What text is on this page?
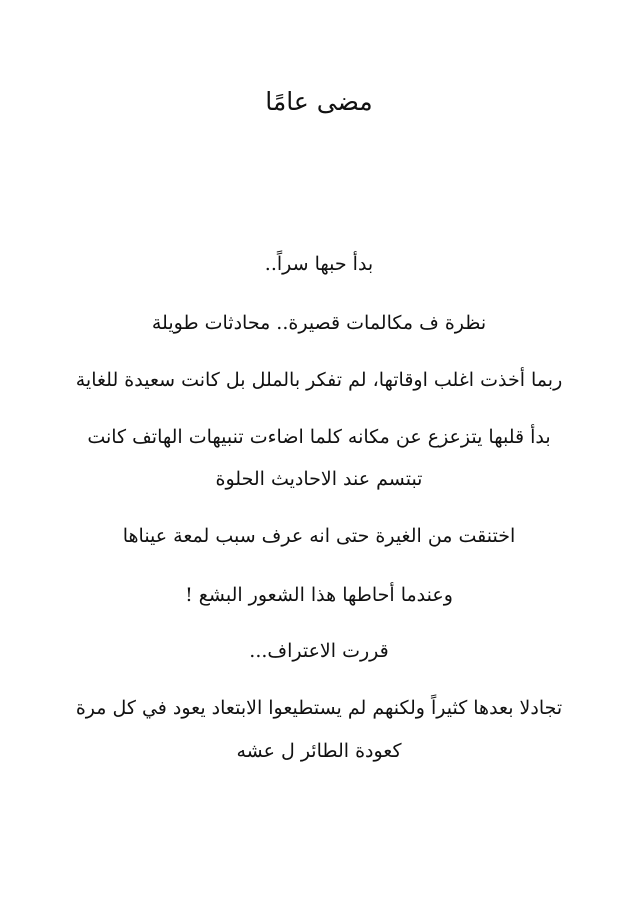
مضى عامًا

بدأ حبها سراً..

نظرة ف مكالمات قصيرة.. محادثات طويلة

ربما أخذت اغلب اوقاتها، لم تفكر بالملل بل كانت سعيدة للغاية

بدأ قلبها يتزعزع عن مكانه كلما اضاءت تنبيهات الهاتف كانت

تبتسم عند الاحاديث الحلوة

اختنقت من الغيرة حتى انه عرف سبب لمعة عيناها

وعندما أحاطها هذا الشعور البشع !

قررت الاعتراف...

تجادلا بعدها كثيراً ولكنهم لم يستطيعوا الابتعاد يعود في كل مرة

كعودة الطائر ل عشه
